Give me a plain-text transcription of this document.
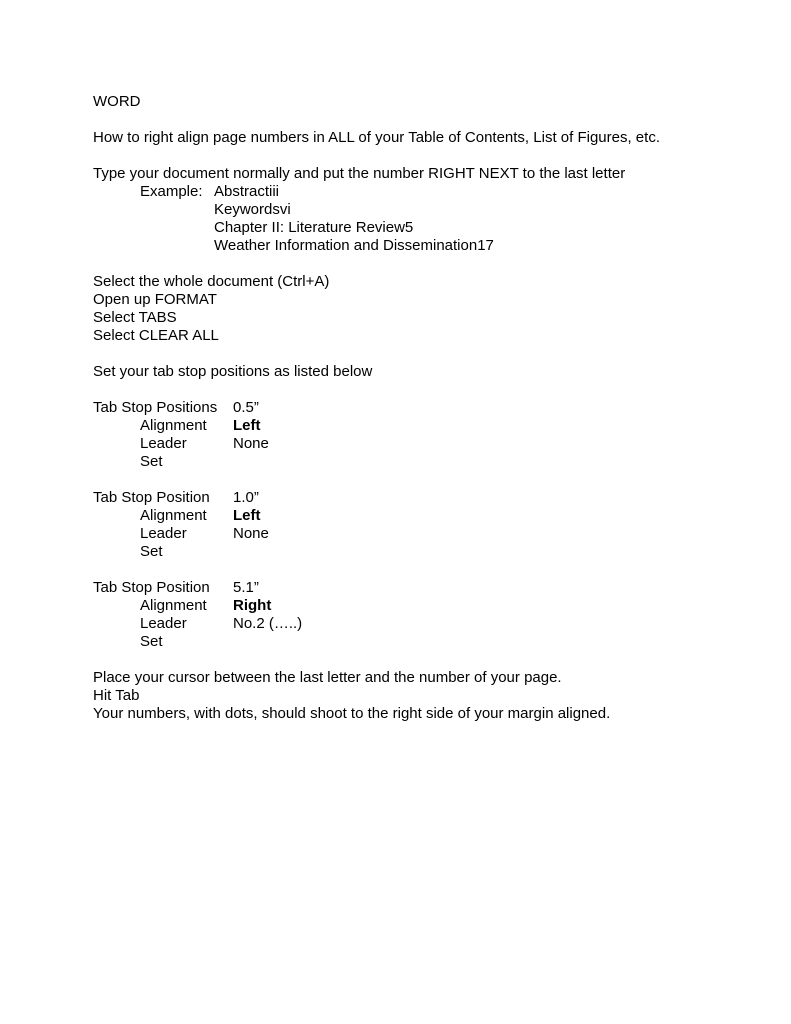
WORD
How to right align page numbers in ALL of your Table of Contents, List of Figures, etc.
Type your document normally and put the number RIGHT NEXT to the last letter
Example: Abstractiii
Keywordsvi
Chapter II: Literature Review5
Weather Information and Dissemination17
Select the whole document (Ctrl+A)
Open up FORMAT
Select TABS
Select CLEAR ALL
Set your tab stop positions as listed below
Tab Stop Positions 0.5”
Alignment Left
Leader	None
Set
Tab Stop Position 1.0”
Alignment Left
Leader	None
Set
Tab Stop Position 5.1”
Alignment Right
Leader	No.2 (…..)
Set
Place your cursor between the last letter and the number of your page.
Hit Tab
Your numbers, with dots, should shoot to the right side of your margin aligned.
